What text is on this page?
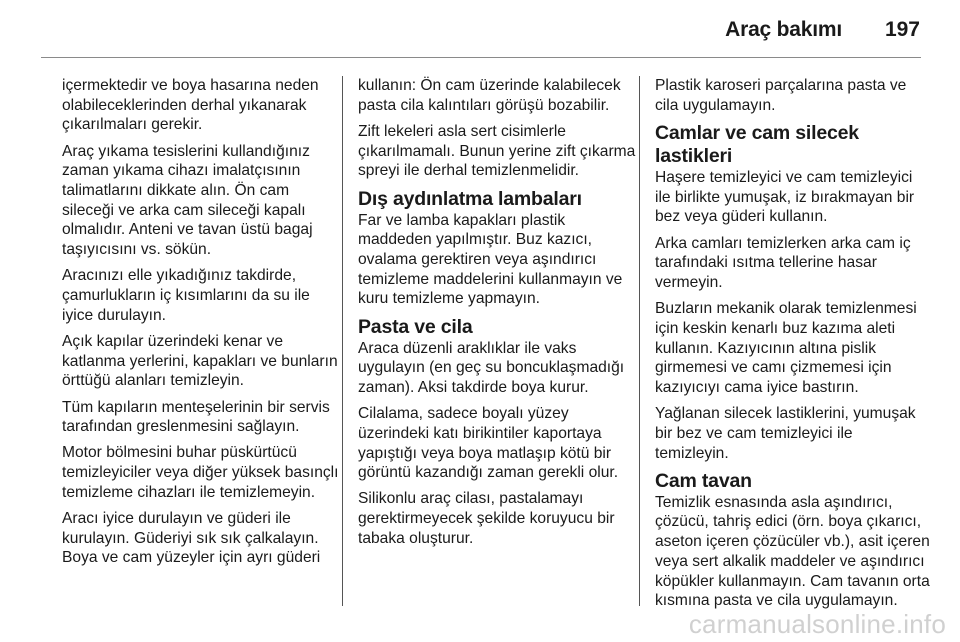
Araç bakımı 197

içermektedir ve boya hasarına neden olabileceklerinden derhal yıkanarak çıkarılmaları gerekir.

Araç yıkama tesislerini kullandığınız zaman yıkama cihazı imalatçısının talimatlarını dikkate alın. Ön cam sileceği ve arka cam sileceği kapalı olmalıdır. Anteni ve tavan üstü bagaj taşıyıcısını vs. sökün.

Aracınızı elle yıkadığınız takdirde, çamurlukların iç kısımlarını da su ile iyice durulayın.

Açık kapılar üzerindeki kenar ve katlanma yerlerini, kapakları ve bunların örttüğü alanları temizleyin.

Tüm kapıların menteşelerinin bir servis tarafından greslenmesini sağlayın.

Motor bölmesini buhar püskürtücü temizleyiciler veya diğer yüksek basınçlı temizleme cihazları ile temizlemeyin.

Aracı iyice durulayın ve güderi ile kurulayın. Güderiyi sık sık çalkalayın. Boya ve cam yüzeyler için ayrı güderi

kullanın: Ön cam üzerinde kalabilecek pasta cila kalıntıları görüşü bozabilir.

Zift lekeleri asla sert cisimlerle çıkarılmamalı. Bunun yerine zift çıkarma spreyi ile derhal temizlenmelidir.

Dış aydınlatma lambaları

Far ve lamba kapakları plastik maddeden yapılmıştır. Buz kazıcı, ovalama gerektiren veya aşındırıcı temizleme maddelerini kullanmayın ve kuru temizleme yapmayın.

Pasta ve cila

Araca düzenli araklıklar ile vaks uygulayın (en geç su boncuklaşmadığı zaman). Aksi takdirde boya kurur.

Cilalama, sadece boyalı yüzey üzerindeki katı birikintiler kaportaya yapıştığı veya boya matlaşıp kötü bir görüntü kazandığı zaman gerekli olur.

Silikonlu araç cilası, pastalamayı gerektirmeyecek şekilde koruyucu bir tabaka oluşturur.

Plastik karoseri parçalarına pasta ve cila uygulamayın.

Camlar ve cam silecek lastikleri

Haşere temizleyici ve cam temizleyici ile birlikte yumuşak, iz bırakmayan bir bez veya güderi kullanın.

Arka camları temizlerken arka cam iç tarafındaki ısıtma tellerine hasar vermeyin.

Buzların mekanik olarak temizlenmesi için keskin kenarlı buz kazıma aleti kullanın. Kazıyıcının altına pislik girmemesi ve camı çizmemesi için kazıyıcıyı cama iyice bastırın.

Yağlanan silecek lastiklerini, yumuşak bir bez ve cam temizleyici ile temizleyin.

Cam tavan

Temizlik esnasında asla aşındırıcı, çözücü, tahriş edici (örn. boya çıkarıcı, aseton içeren çözücüler vb.), asit içeren veya sert alkalik maddeler ve aşındırıcı köpükler kullanmayın. Cam tavanın orta kısmına pasta ve cila uygulamayın.

carmanualsonline.info
